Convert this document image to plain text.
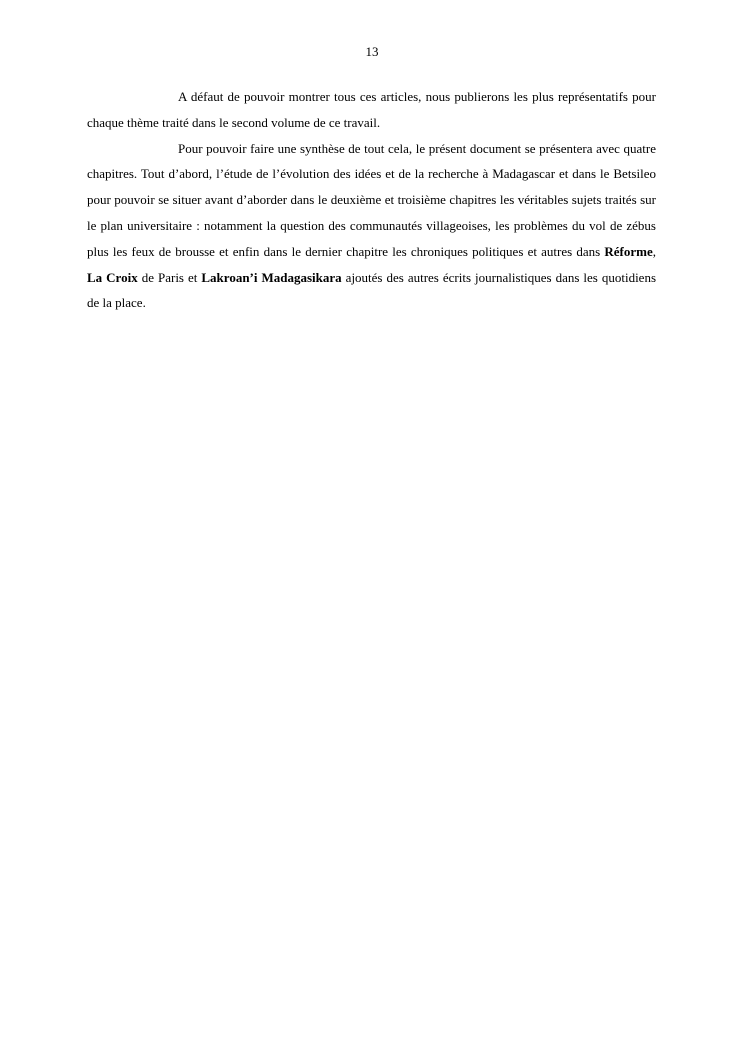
13

A défaut de pouvoir montrer tous ces articles, nous publierons les plus représentatifs pour chaque thème traité dans le second volume de ce travail.

Pour pouvoir faire une synthèse de tout cela, le présent document se présentera avec quatre chapitres. Tout d’abord, l’étude de l’évolution des idées et de la recherche à Madagascar et dans le Betsileo pour pouvoir se situer avant d’aborder dans le deuxième et troisième chapitres les véritables sujets traités sur le plan universitaire : notamment la question des communautés villageoises, les problèmes du vol de zébus plus les feux de brousse et enfin dans le dernier chapitre les chroniques politiques et autres dans Réforme, La Croix de Paris et Lakroan’i Madagasikara ajoutés des autres écrits journalistiques dans les quotidiens de la place.
